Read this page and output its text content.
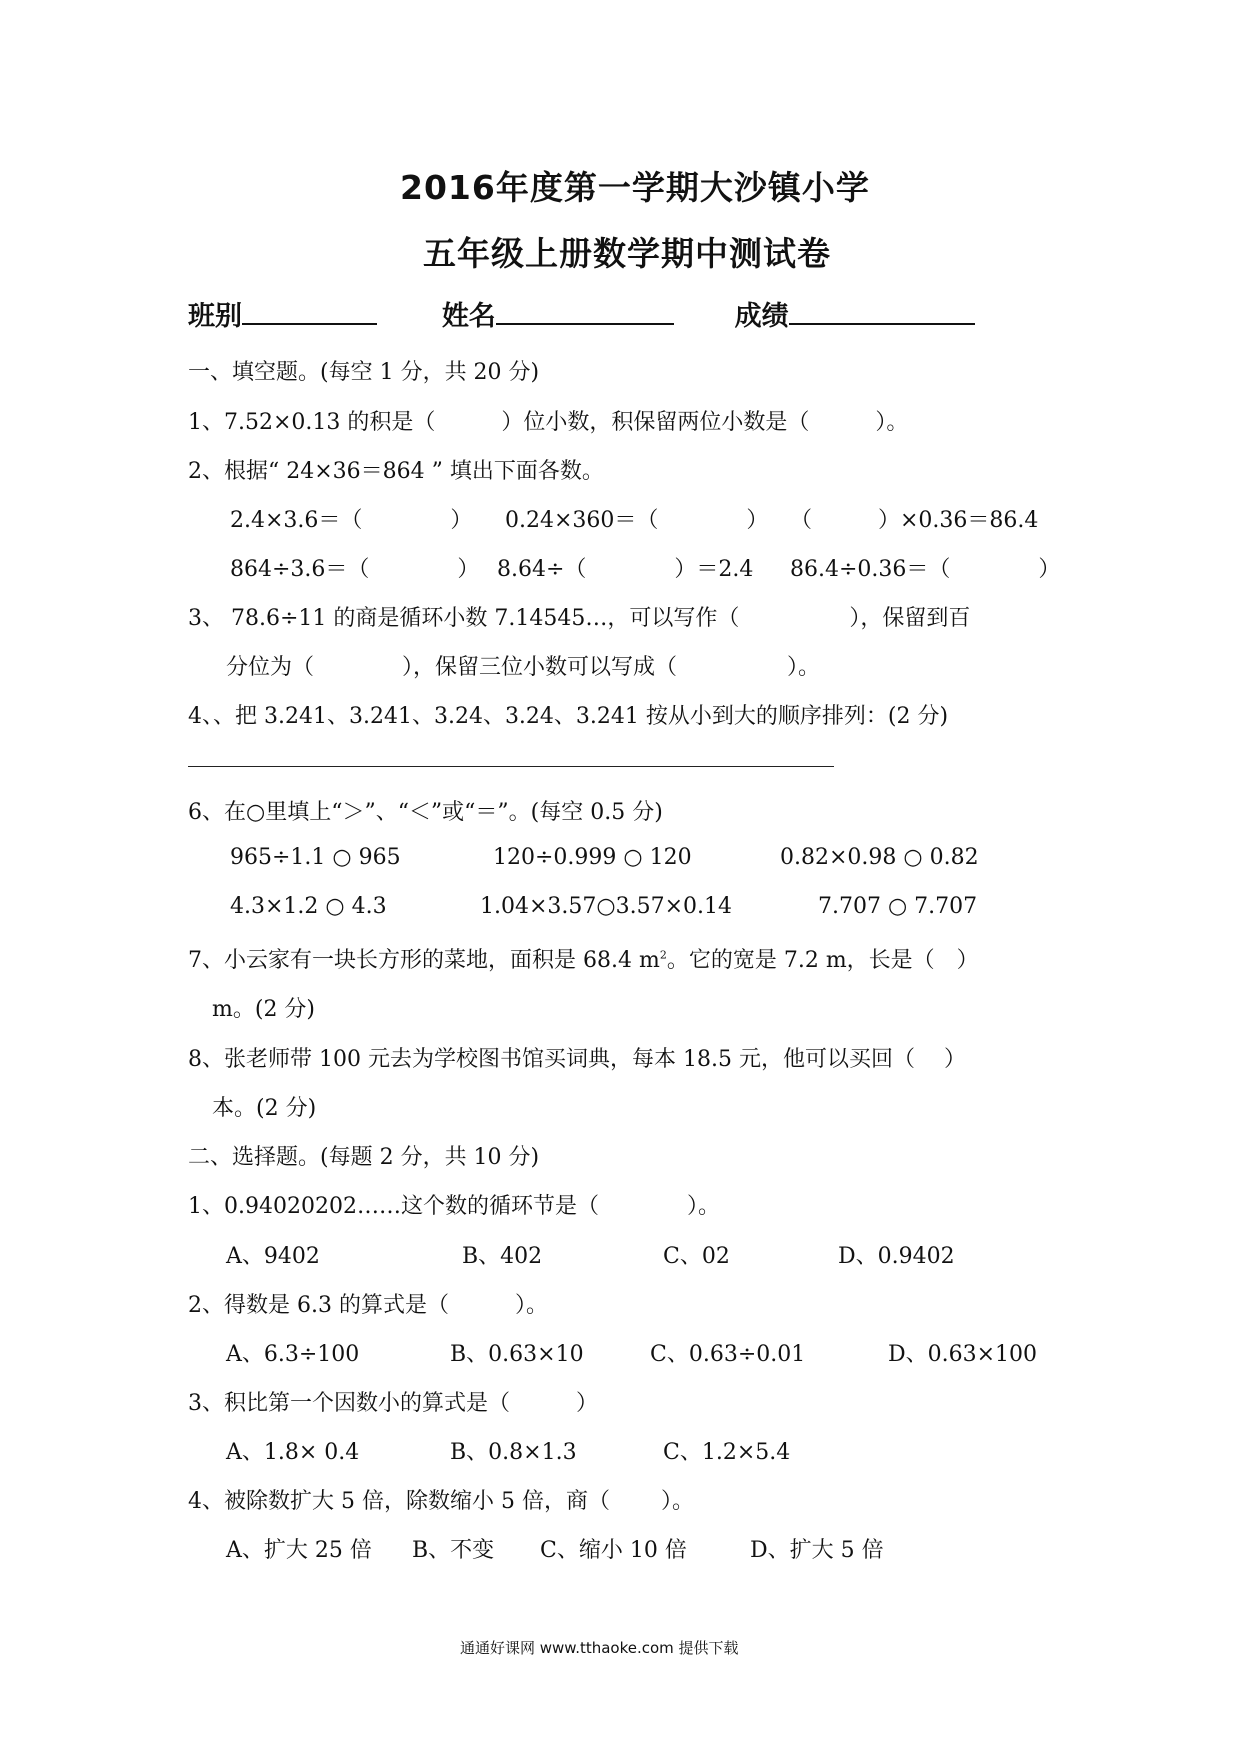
2016年度第一学期大沙镇小学
五年级上册数学期中测试卷
班别	姓名	成绩
一、填空题。(每空 1 分，共 20 分)
1、7.52×0.13 的积是（　　　）位小数，积保留两位小数是（　　　）。
2、根据“ 24×36＝864 ” 填出下面各数。
2.4×3.6＝（　　　　） 0.24×360＝（　　　　） （　　　）×0.36＝86.4
864÷3.6＝（　　　　） 8.64÷（　　　　）＝2.4 86.4÷0.36＝（　　　　）
3、 78.6÷11 的商是循环小数 7.14545…，可以写作（　　　　　），保留到百
分位为（　　　　），保留三位小数可以写成（　　　　　）。
4、、把 3.241、3.241、3.24、3.24、3.241 按从小到大的顺序排列：(2 分)
6、在○里填上“＞”、“＜”或“＝”。(每空 0.5 分)
965÷1.1 ○ 965	120÷0.999 ○ 120	0.82×0.98 ○ 0.82
4.3×1.2 ○ 4.3	1.04×3.57○3.57×0.14	7.707 ○ 7.707
7、小云家有一块长方形的菜地，面积是 68.4 $m^2$。它的宽是 7.2 m，长是（　）
m。(2 分)
8、张老师带 100 元去为学校图书馆买词典，每本 18.5 元，他可以买回（　 ）
本。(2 分)
二、选择题。(每题 2 分，共 10 分)
1、0.94020202……这个数的循环节是（　　　　）。
A、9402	B、402	C、02	D、0.9402
2、得数是 6.3 的算式是（　　　）。
A、6.3÷100	B、0.63×10	C、0.63÷0.01	D、0.63×100
3、积比第一个因数小的算式是（　　　）
A、1.8× 0.4	B、0.8×1.3	C、1.2×5.4
4、被除数扩大 5 倍，除数缩小 5 倍，商（　　 ）。
A、扩大 25 倍 B、不变 C、缩小 10 倍	D、扩大 5 倍
通通好课网 www.tthaoke.com 提供下载
